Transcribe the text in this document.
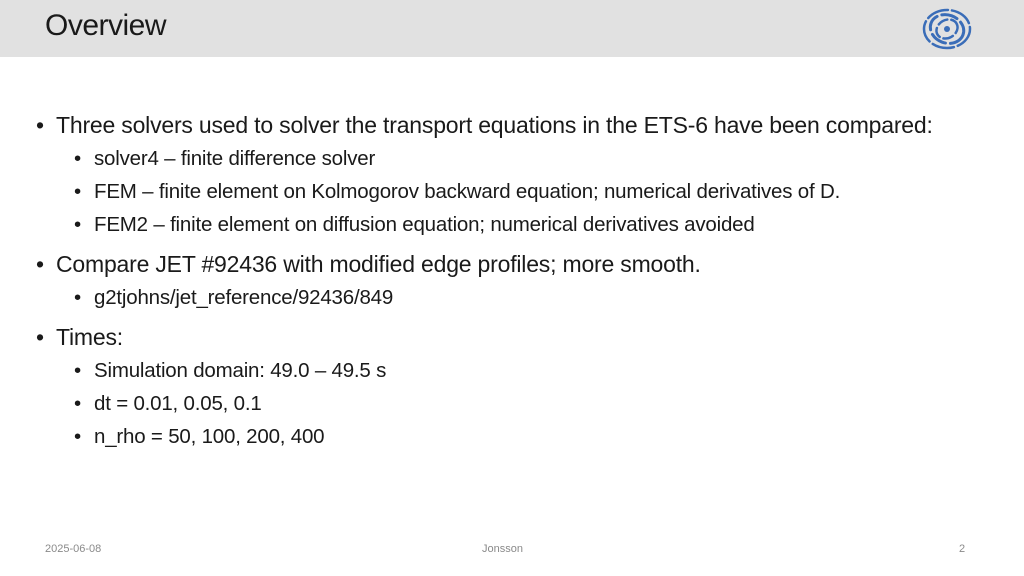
Overview
• Three solvers used to solver the transport equations in the ETS-6 have been compared:
• solver4 – finite difference solver
• FEM – finite element on Kolmogorov backward equation; numerical derivatives of D.
• FEM2 – finite element on diffusion equation; numerical derivatives avoided
• Compare JET #92436 with modified edge profiles; more smooth.
• g2tjohns/jet_reference/92436/849
• Times:
• Simulation domain: 49.0 – 49.5 s
• dt = 0.01, 0.05, 0.1
• n_rho = 50, 100, 200, 400
2025-06-08	Jonsson	2
